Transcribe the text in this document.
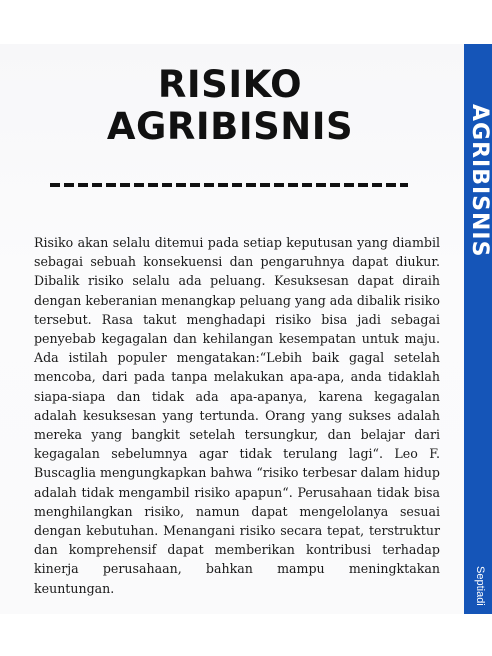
AGRIBISNIS
Septiadi
RISIKO
AGRIBISNIS

Risiko akan selalu ditemui pada setiap keputusan yang diambil sebagai sebuah konsekuensi dan pengaruhnya dapat diukur. Dibalik risiko selalu ada peluang. Kesuksesan dapat diraih dengan keberanian menangkap peluang yang ada dibalik risiko tersebut. Rasa takut menghadapi risiko bisa jadi sebagai penyebab kegagalan dan kehilangan kesempatan untuk maju. Ada istilah populer mengatakan:“Lebih baik gagal setelah mencoba, dari pada tanpa melakukan apa-apa, anda tidaklah siapa-siapa dan tidak ada apa-apanya, karena kegagalan adalah kesuksesan yang tertunda. Orang yang sukses adalah mereka yang bangkit setelah tersungkur, dan belajar dari kegagalan sebelumnya agar tidak terulang lagi“. Leo F. Buscaglia mengungkapkan bahwa “risiko terbesar dalam hidup adalah tidak mengambil risiko apapun“. Perusahaan tidak bisa menghilangkan risiko, namun dapat mengelolanya sesuai dengan kebutuhan. Menangani risiko secara tepat, terstruktur dan komprehensif dapat memberikan kontribusi terhadap kinerja perusahaan, bahkan mampu meningktakan keuntungan.
